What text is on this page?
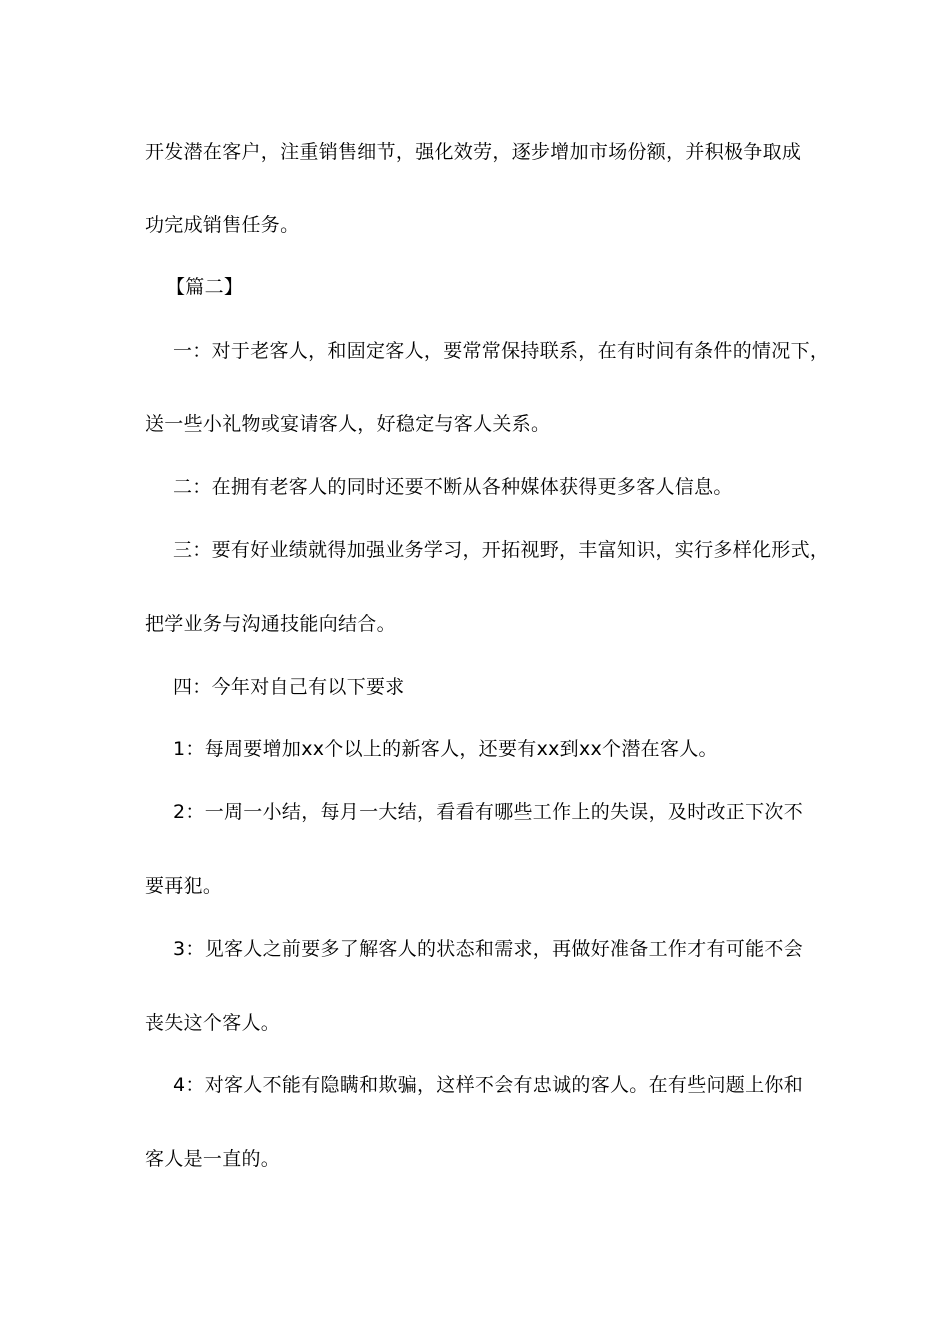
开发潜在客户，注重销售细节，强化效劳，逐步增加市场份额，并积极争取成
功完成销售任务。
【篇二】
一：对于老客人，和固定客人，要常常保持联系，在有时间有条件的情况下，
送一些小礼物或宴请客人，好稳定与客人关系。
二：在拥有老客人的同时还要不断从各种媒体获得更多客人信息。
三：要有好业绩就得加强业务学习，开拓视野，丰富知识，实行多样化形式，
把学业务与沟通技能向结合。
四：今年对自己有以下要求
1：每周要增加xx个以上的新客人，还要有xx到xx个潜在客人。
2：一周一小结，每月一大结，看看有哪些工作上的失误，及时改正下次不
要再犯。
3：见客人之前要多了解客人的状态和需求，再做好准备工作才有可能不会
丧失这个客人。
4：对客人不能有隐瞒和欺骗，这样不会有忠诚的客人。在有些问题上你和
客人是一直的。
